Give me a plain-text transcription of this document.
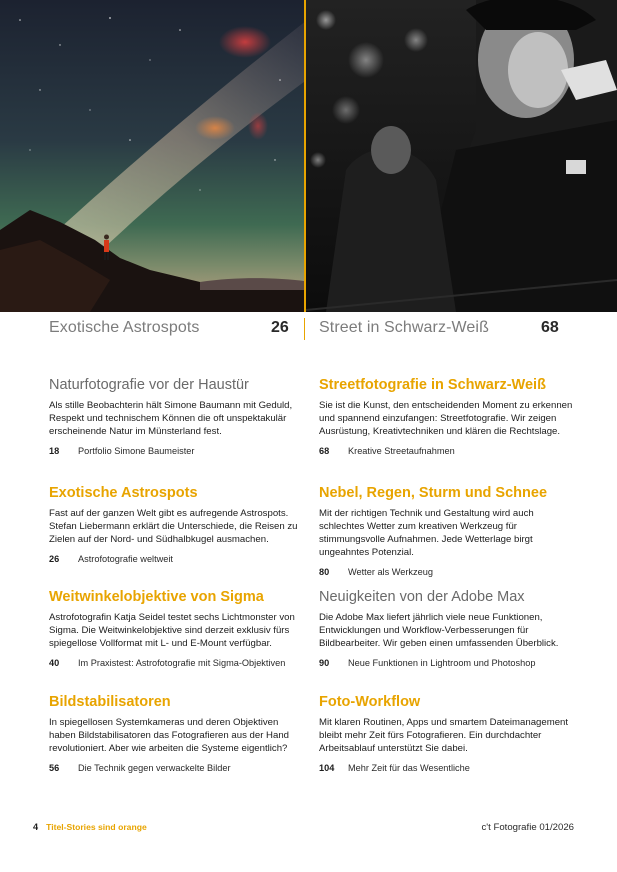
Exotische Astrospots	26 Street in Schwarz-Weiß	68
Naturfotografie vor der Haustür

Als stille Beobachterin hält Simone Baumann mit Geduld, Respekt und technischem Können die oft unspektakulär erscheinende Natur im Münsterland fest.

18	Portfolio Simone Baumeister
Exotische Astrospots

Fast auf der ganzen Welt gibt es aufregende Astrospots. Stefan Liebermann erklärt die Unterschiede, die Reisen zu Zielen auf der Nord- und Südhalbkugel ausmachen.

26	Astrofotografie weltweit
Weitwinkelobjektive von Sigma

Astrofotografin Katja Seidel testet sechs Lichtmonster von Sigma. Die Weitwinkelobjektive sind derzeit exklusiv fürs spiegellose Vollformat mit L- und E-Mount verfügbar.

40	Im Praxistest: Astrofotografie mit Sigma-Objektiven
Bildstabilisatoren

In spiegellosen Systemkameras und deren Objektiven haben Bildstabilisatoren das Fotografieren aus der Hand revolutioniert. Aber wie arbeiten die Systeme eigentlich?

56	Die Technik gegen verwackelte Bilder
Streetfotografie in Schwarz-Weiß

Sie ist die Kunst, den entscheidenden Moment zu erkennen und spannend einzufangen: Streetfotografie. Wir zeigen Ausrüstung, Kreativtechniken und klären die Rechtslage.

68	Kreative Streetaufnahmen
Nebel, Regen, Sturm und Schnee

Mit der richtigen Technik und Gestaltung wird auch schlechtes Wetter zum kreativen Werkzeug für stimmungsvolle Aufnahmen. Jede Wetterlage birgt ungeahntes Potenzial.

80	Wetter als Werkzeug
Neuigkeiten von der Adobe Max

Die Adobe Max liefert jährlich viele neue Funktionen, Entwicklungen und Workflow-Verbesserungen für Bildbearbeiter. Wir geben einen umfassenden Überblick.

90	Neue Funktionen in Lightroom und Photoshop
Foto-Workflow

Mit klaren Routinen, Apps und smartem Dateimanagement bleibt mehr Zeit fürs Fotografieren. Ein durchdachter Arbeitsablauf unterstützt Sie dabei.

104	Mehr Zeit für das Wesentliche
4 Titel-Stories sind orange	c't Fotografie 01/2026
